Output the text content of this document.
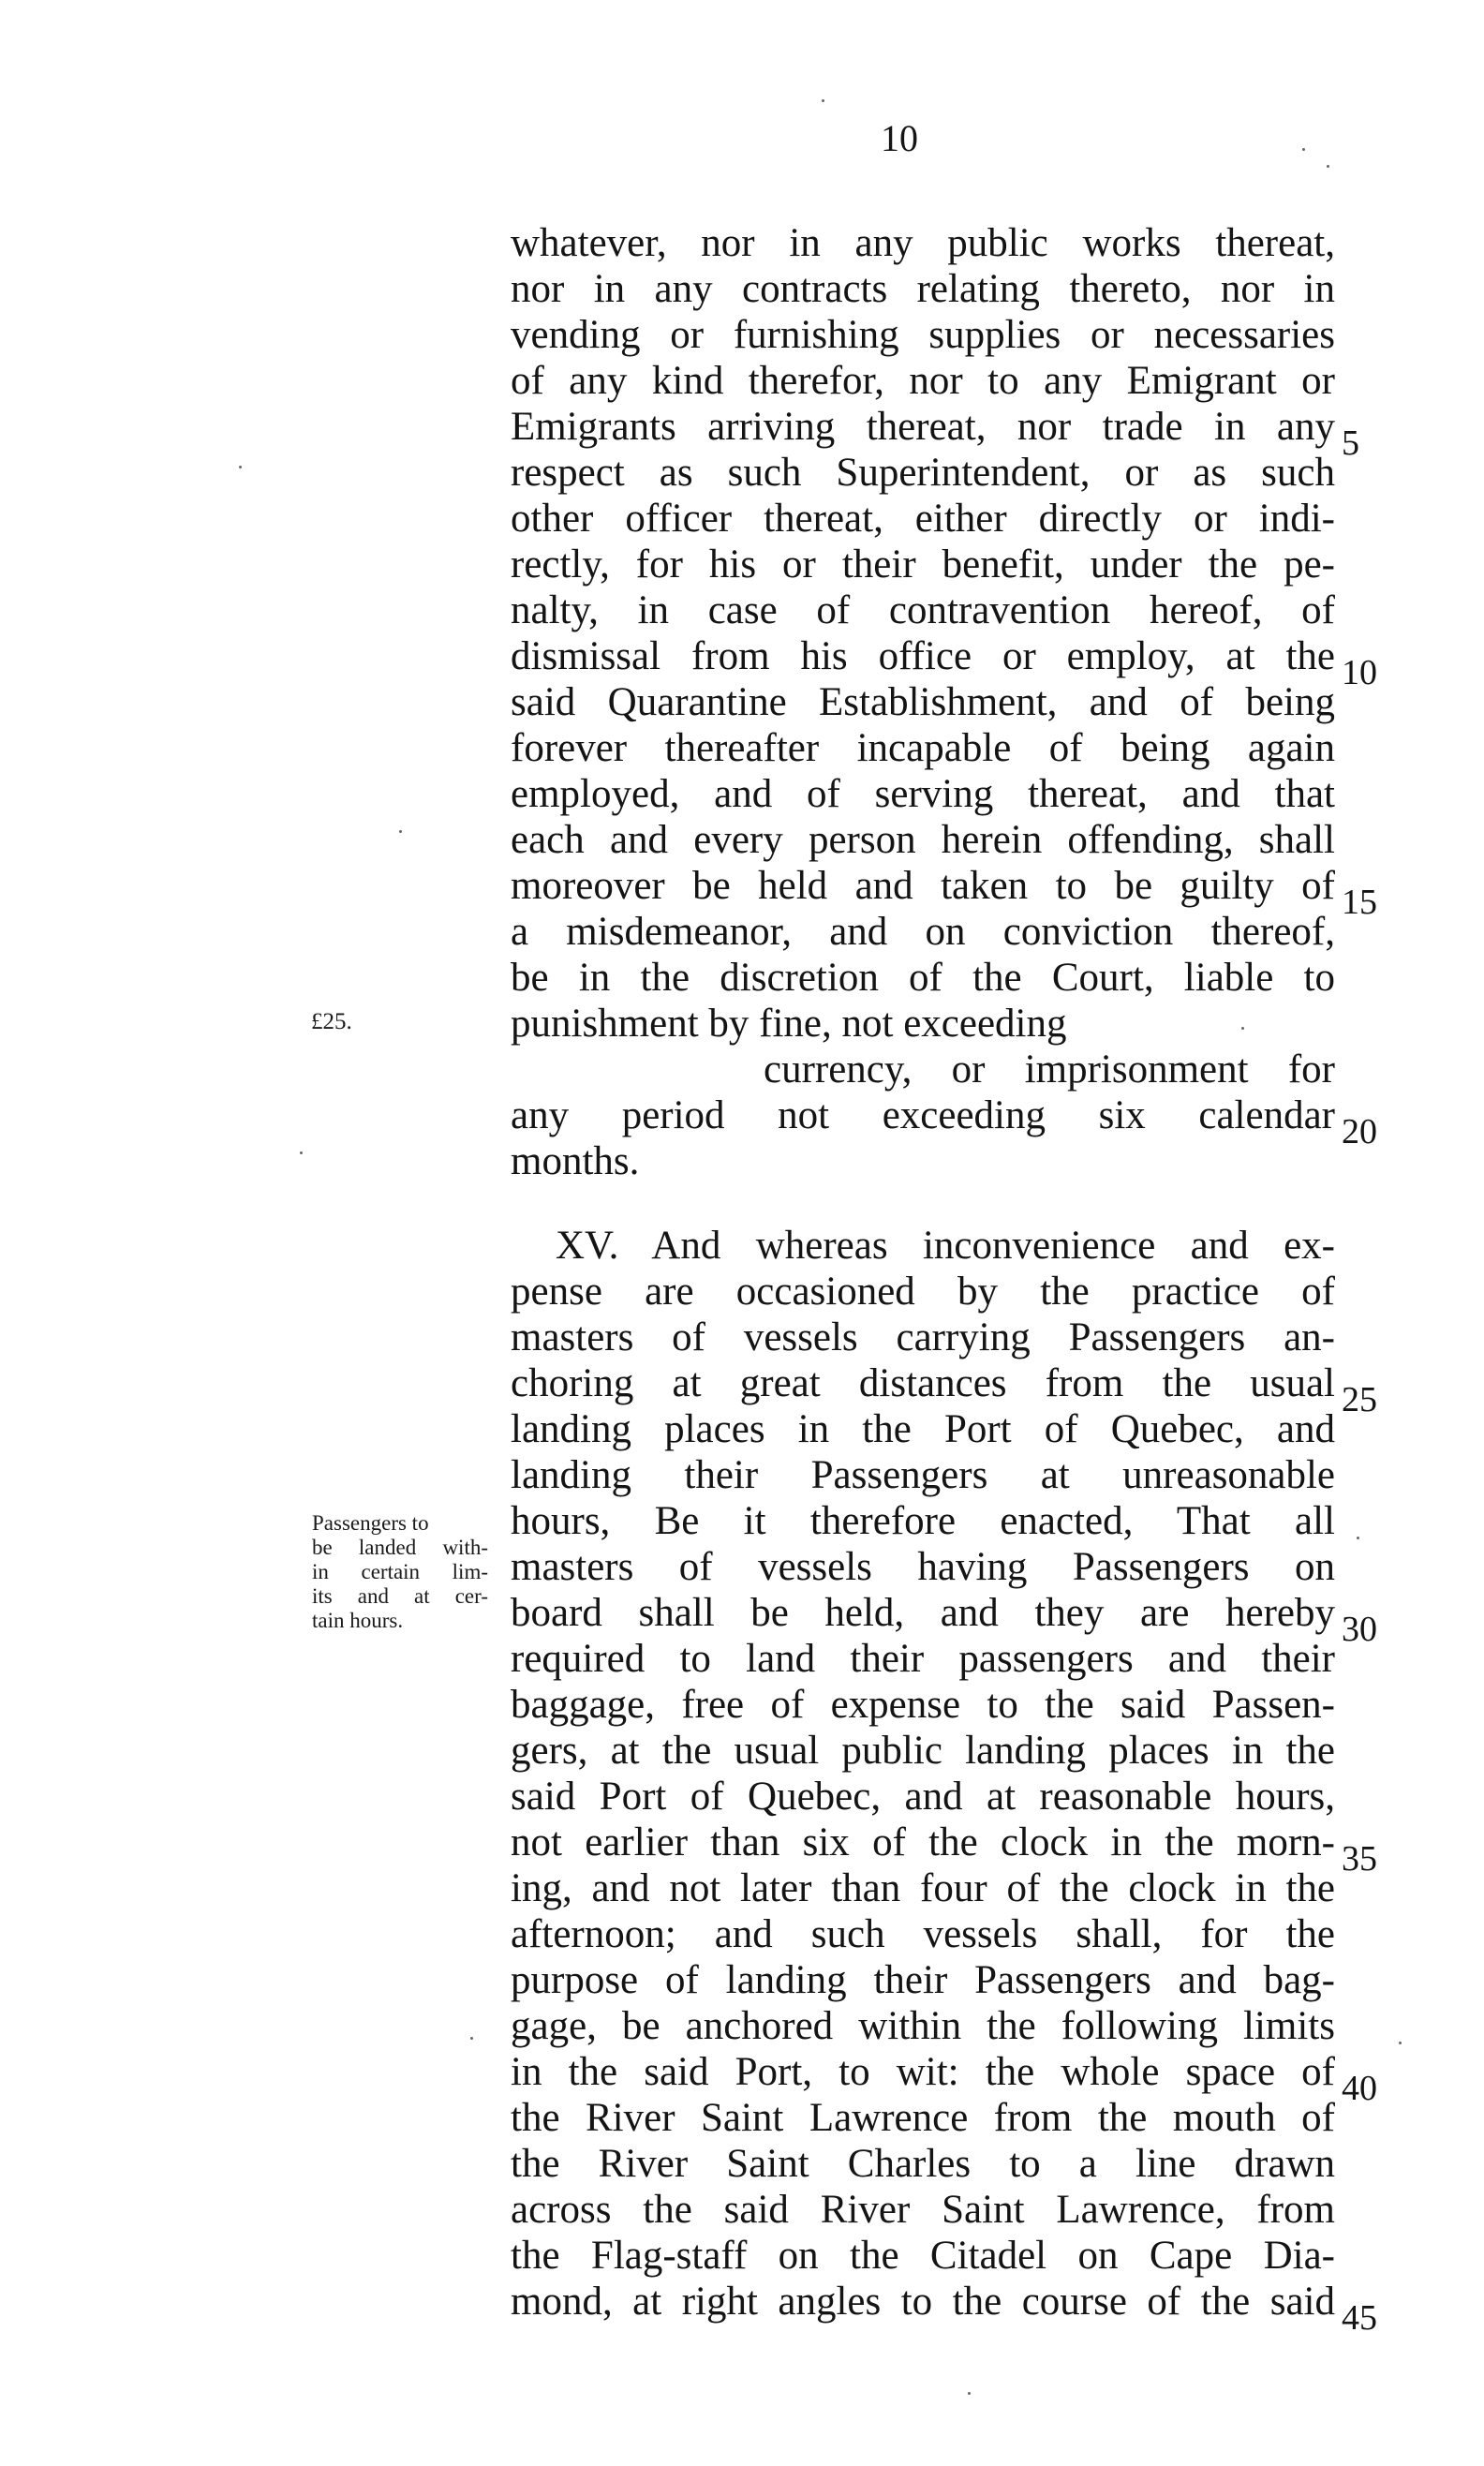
10
whatever, nor in any public works thereat,
nor in any contracts relating thereto, nor in
vending or furnishing supplies or necessaries
of any kind therefor, nor to any Emigrant or
Emigrants arriving thereat, nor trade in any
respect as such Superintendent, or as such
other officer thereat, either directly or indi-
rectly, for his or their benefit, under the pe-
nalty, in case of contravention hereof, of
dismissal from his office or employ, at the
said Quarantine Establishment, and of being
forever thereafter incapable of being again
employed, and of serving thereat, and that
each and every person herein offending, shall
moreover be held and taken to be guilty of
a misdemeanor, and on conviction thereof,
be in the discretion of the Court, liable to
punishment by fine, not exceeding
currency, or imprisonment for
any period not exceeding six calendar
months.
XV. And whereas inconvenience and ex-
pense are occasioned by the practice of
masters of vessels carrying Passengers an-
choring at great distances from the usual
landing places in the Port of Quebec, and
landing their Passengers at unreasonable
hours, Be it therefore enacted, That all
masters of vessels having Passengers on
board shall be held, and they are hereby
required to land their passengers and their
baggage, free of expense to the said Passen-
gers, at the usual public landing places in the
said Port of Quebec, and at reasonable hours,
not earlier than six of the clock in the morn-
ing, and not later than four of the clock in the
afternoon; and such vessels shall, for the
purpose of landing their Passengers and bag-
gage, be anchored within the following limits
in the said Port, to wit: the whole space of
the River Saint Lawrence from the mouth of
the River Saint Charles to a line drawn
across the said River Saint Lawrence, from
the Flag-staff on the Citadel on Cape Dia-
mond, at right angles to the course of the said
5
10
15
20
25
30
35
40
45
£25.
Passengers to
be landed with-
in certain lim-
its and at cer-
tain hours.
